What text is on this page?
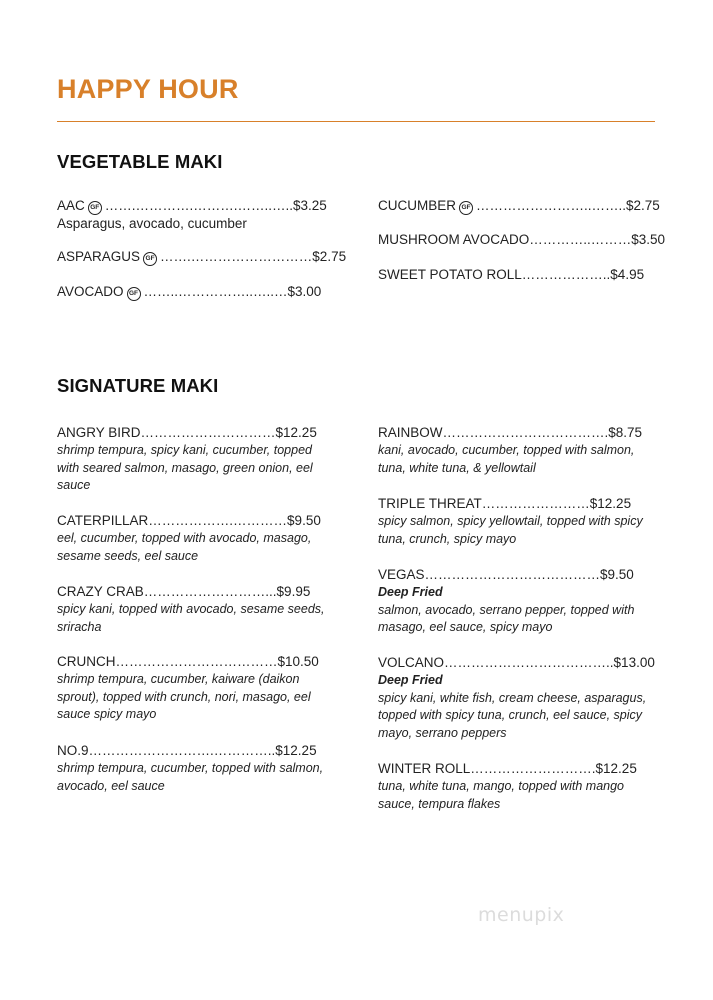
HAPPY HOUR
VEGETABLE MAKI
AAC GF …….………….……….……..…..$3.25
Asparagus, avocado, cucumber
ASPARAGUS GF …….………………………$2.75
AVOCADO GF ……..……………..…..…$3.00
CUCUMBER GF ……………………..……..$2.75
MUSHROOM AVOCADO…………..………$3.50
SWEET POTATO ROLL………………..$4.95
SIGNATURE MAKI
ANGRY BIRD…………………………$12.25
shrimp tempura, spicy kani, cucumber, topped
with seared salmon, masago, green onion, eel
sauce
CATERPILLAR……………….…………$9.50
eel, cucumber, topped with avocado, masago,
sesame seeds, eel sauce
CRAZY CRAB………………………...$9.95
spicy kani, topped with avocado, sesame seeds,
sriracha
CRUNCH………………………………$10.50
shrimp tempura, cucumber, kaiware (daikon
sprout), topped with crunch, nori, masago, eel
sauce spicy mayo
NO.9……………………….…………..$12.25
shrimp tempura, cucumber, topped with salmon,
avocado, eel sauce
RAINBOW……………………………….$8.75
kani, avocado, cucumber, topped with salmon,
tuna, white tuna, & yellowtail
TRIPLE THREAT……………………$12.25
spicy salmon, spicy yellowtail, topped with spicy
tuna, crunch, spicy mayo
VEGAS…………………………………$9.50
Deep Fried
salmon, avocado, serrano pepper, topped with
masago, eel sauce, spicy mayo
VOLCANO………………………………..$13.00
Deep Fried
spicy kani, white fish, cream cheese, asparagus,
topped with spicy tuna, crunch, eel sauce, spicy
mayo, serrano peppers
WINTER ROLL……………………….$12.25
tuna, white tuna, mango, topped with mango
sauce, tempura flakes
menupix
